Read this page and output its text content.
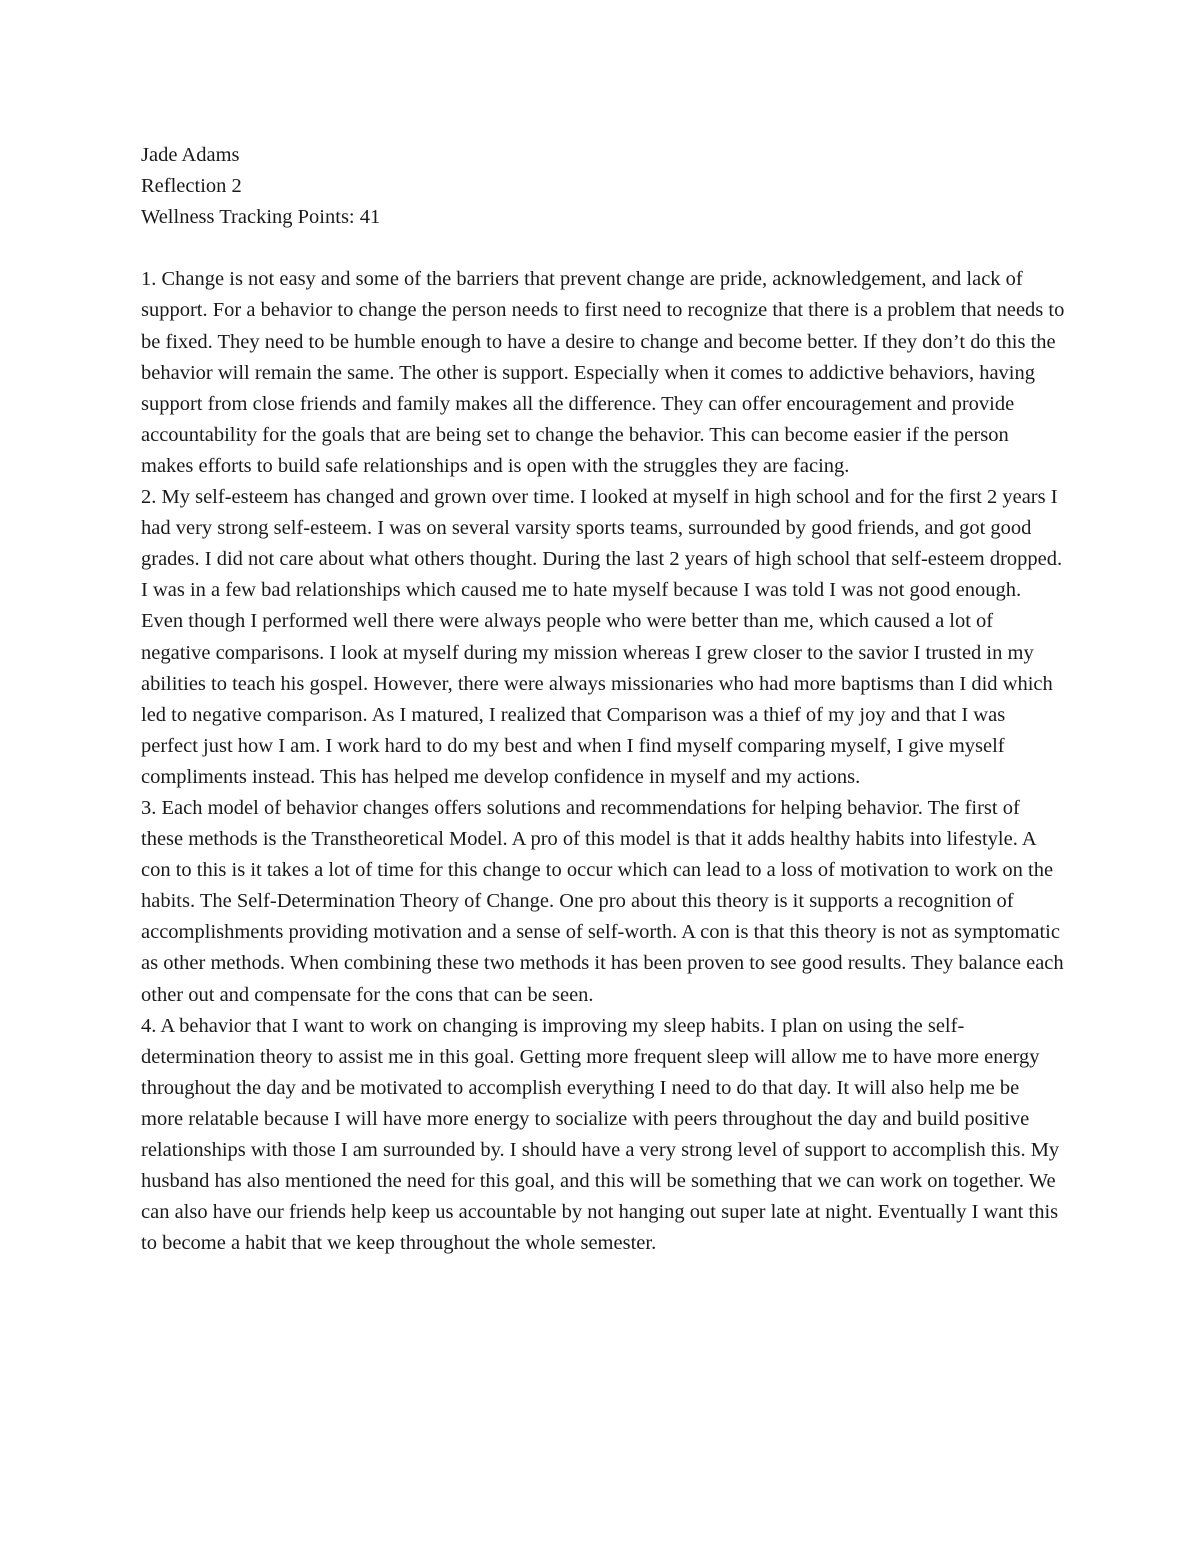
Jade Adams

Reflection 2

Wellness Tracking Points: 41

1. Change is not easy and some of the barriers that prevent change are pride, acknowledgement, and lack of support. For a behavior to change the person needs to first need to recognize that there is a problem that needs to be fixed. They need to be humble enough to have a desire to change and become better. If they don’t do this the behavior will remain the same. The other is support. Especially when it comes to addictive behaviors, having support from close friends and family makes all the difference. They can offer encouragement and provide accountability for the goals that are being set to change the behavior. This can become easier if the person makes efforts to build safe relationships and is open with the struggles they are facing.

2. My self-esteem has changed and grown over time. I looked at myself in high school and for the first 2 years I had very strong self-esteem. I was on several varsity sports teams, surrounded by good friends, and got good grades. I did not care about what others thought. During the last 2 years of high school that self-esteem dropped. I was in a few bad relationships which caused me to hate myself because I was told I was not good enough. Even though I performed well there were always people who were better than me, which caused a lot of negative comparisons. I look at myself during my mission whereas I grew closer to the savior I trusted in my abilities to teach his gospel. However, there were always missionaries who had more baptisms than I did which led to negative comparison. As I matured, I realized that Comparison was a thief of my joy and that I was perfect just how I am. I work hard to do my best and when I find myself comparing myself, I give myself compliments instead. This has helped me develop confidence in myself and my actions.

3. Each model of behavior changes offers solutions and recommendations for helping behavior. The first of these methods is the Transtheoretical Model. A pro of this model is that it adds healthy habits into lifestyle. A con to this is it takes a lot of time for this change to occur which can lead to a loss of motivation to work on the habits. The Self-Determination Theory of Change. One pro about this theory is it supports a recognition of accomplishments providing motivation and a sense of self-worth. A con is that this theory is not as symptomatic as other methods. When combining these two methods it has been proven to see good results. They balance each other out and compensate for the cons that can be seen.

4. A behavior that I want to work on changing is improving my sleep habits. I plan on using the self-determination theory to assist me in this goal. Getting more frequent sleep will allow me to have more energy throughout the day and be motivated to accomplish everything I need to do that day. It will also help me be more relatable because I will have more energy to socialize with peers throughout the day and build positive relationships with those I am surrounded by. I should have a very strong level of support to accomplish this. My husband has also mentioned the need for this goal, and this will be something that we can work on together. We can also have our friends help keep us accountable by not hanging out super late at night. Eventually I want this to become a habit that we keep throughout the whole semester.
